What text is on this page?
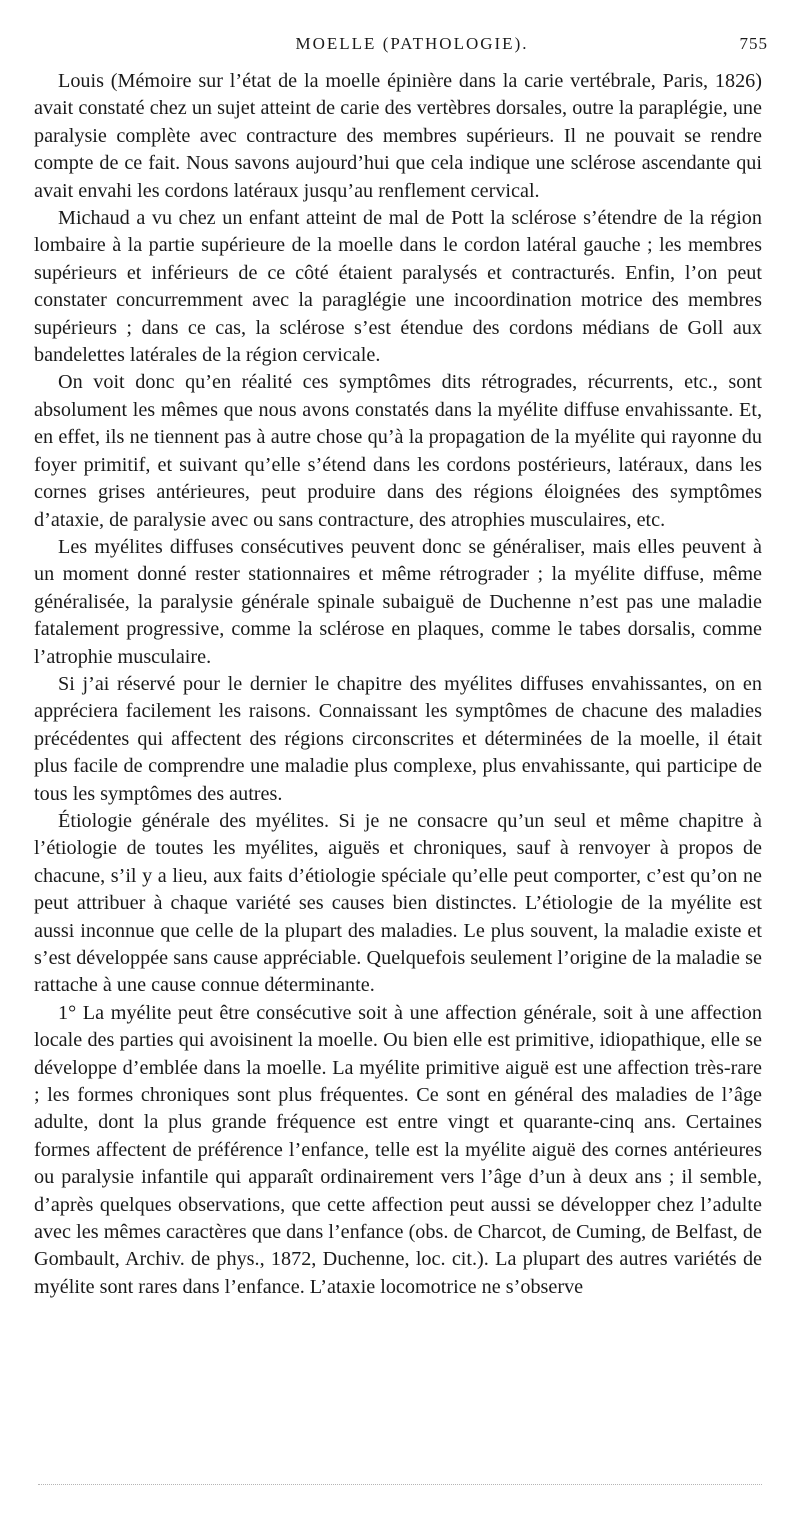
MOELLE (PATHOLOGIE).	755

Louis (Mémoire sur l’état de la moelle épinière dans la carie vertébrale, Paris, 1826) avait constaté chez un sujet atteint de carie des vertèbres dorsales, outre la paraplégie, une paralysie complète avec contracture des membres supérieurs. Il ne pouvait se rendre compte de ce fait. Nous savons aujourd’hui que cela indique une sclérose ascendante qui avait envahi les cordons latéraux jusqu’au renflement cervical.

Michaud a vu chez un enfant atteint de mal de Pott la sclérose s’étendre de la région lombaire à la partie supérieure de la moelle dans le cordon latéral gauche ; les membres supérieurs et inférieurs de ce côté étaient paralysés et contracturés. Enfin, l’on peut constater concurremment avec la paraglégie une incoordination motrice des membres supérieurs ; dans ce cas, la sclérose s’est étendue des cordons médians de Goll aux bandelettes latérales de la région cervicale.

On voit donc qu’en réalité ces symptômes dits rétrogrades, récurrents, etc., sont absolument les mêmes que nous avons constatés dans la myélite diffuse envahissante. Et, en effet, ils ne tiennent pas à autre chose qu’à la propagation de la myélite qui rayonne du foyer primitif, et suivant qu’elle s’étend dans les cordons postérieurs, latéraux, dans les cornes grises antérieures, peut produire dans des régions éloignées des symptômes d’ataxie, de paralysie avec ou sans contracture, des atrophies musculaires, etc.

Les myélites diffuses consécutives peuvent donc se généraliser, mais elles peuvent à un moment donné rester stationnaires et même rétrograder ; la myélite diffuse, même généralisée, la paralysie générale spinale subaiguë de Duchenne n’est pas une maladie fatalement progressive, comme la sclérose en plaques, comme le tabes dorsalis, comme l’atrophie musculaire.

Si j’ai réservé pour le dernier le chapitre des myélites diffuses envahissantes, on en appréciera facilement les raisons. Connaissant les symptômes de chacune des maladies précédentes qui affectent des régions circonscrites et déterminées de la moelle, il était plus facile de comprendre une maladie plus complexe, plus envahissante, qui participe de tous les symptômes des autres.

Étiologie générale des myélites. Si je ne consacre qu’un seul et même chapitre à l’étiologie de toutes les myélites, aiguës et chroniques, sauf à renvoyer à propos de chacune, s’il y a lieu, aux faits d’étiologie spéciale qu’elle peut comporter, c’est qu’on ne peut attribuer à chaque variété ses causes bien distinctes. L’étiologie de la myélite est aussi inconnue que celle de la plupart des maladies. Le plus souvent, la maladie existe et s’est développée sans cause appréciable. Quelquefois seulement l’origine de la maladie se rattache à une cause connue déterminante.

1° La myélite peut être consécutive soit à une affection générale, soit à une affection locale des parties qui avoisinent la moelle. Ou bien elle est primitive, idiopathique, elle se développe d’emblée dans la moelle. La myélite primitive aiguë est une affection très-rare ; les formes chroniques sont plus fréquentes. Ce sont en général des maladies de l’âge adulte, dont la plus grande fréquence est entre vingt et quarante-cinq ans. Certaines formes affectent de préférence l’enfance, telle est la myélite aiguë des cornes antérieures ou paralysie infantile qui apparaît ordinairement vers l’âge d’un à deux ans ; il semble, d’après quelques observations, que cette affection peut aussi se développer chez l’adulte avec les mêmes caractères que dans l’enfance (obs. de Charcot, de Cuming, de Belfast, de Gombault, Archiv. de phys., 1872, Duchenne, loc. cit.). La plupart des autres variétés de myélite sont rares dans l’enfance. L’ataxie locomotrice ne s’observe
